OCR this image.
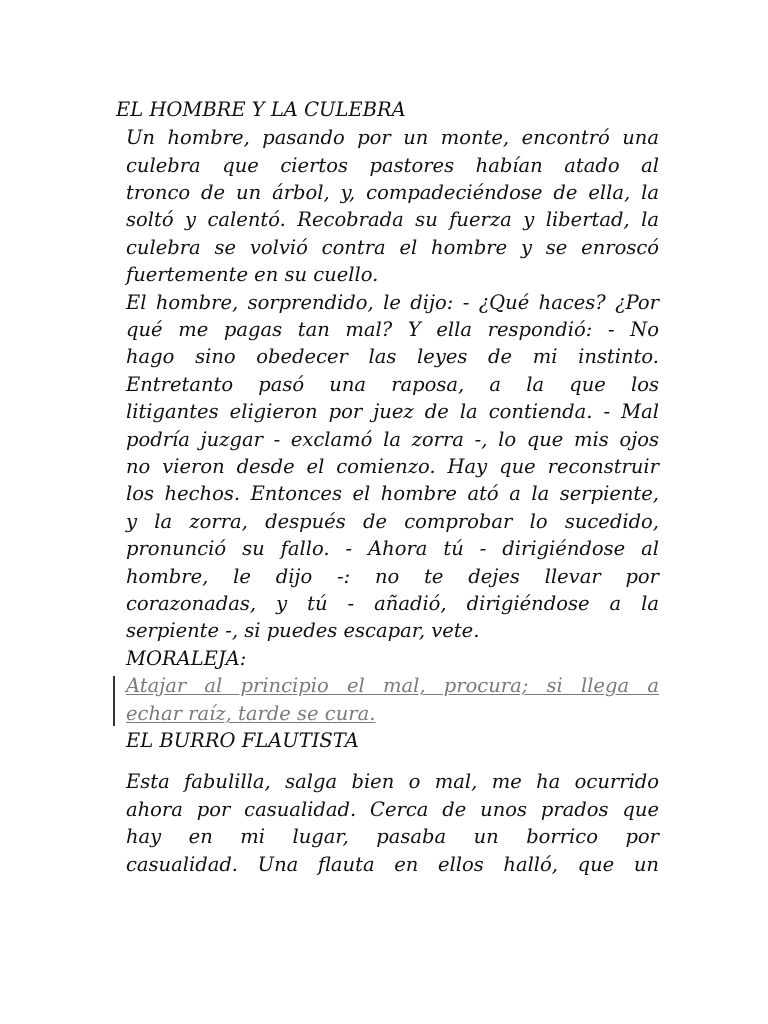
EL HOMBRE Y LA CULEBRA
Un hombre, pasando por un monte, encontró una
culebra que ciertos pastores habían atado al
tronco de un árbol, y, compadeciéndose de ella, la
soltó y calentó. Recobrada su fuerza y libertad, la
culebra se volvió contra el hombre y se enroscó
fuertemente en su cuello.
El hombre, sorprendido, le dijo: - ¿Qué haces? ¿Por
qué me pagas tan mal? Y ella respondió: - No
hago sino obedecer las leyes de mi instinto.
Entretanto pasó una raposa, a la que los
litigantes eligieron por juez de la contienda. - Mal
podría juzgar - exclamó la zorra -, lo que mis ojos
no vieron desde el comienzo. Hay que reconstruir
los hechos. Entonces el hombre ató a la serpiente,
y la zorra, después de comprobar lo sucedido,
pronunció su fallo. - Ahora tú - dirigiéndose al
hombre, le dijo -: no te dejes llevar por
corazonadas, y tú - añadió, dirigiéndose a la
serpiente -, si puedes escapar, vete.
MORALEJA:
Atajar al principio el mal, procura; si llega a
echar raíz, tarde se cura.
EL BURRO FLAUTISTA
Esta fabulilla, salga bien o mal, me ha ocurrido
ahora por casualidad. Cerca de unos prados que
hay en mi lugar, pasaba un borrico por
casualidad. Una flauta en ellos halló, que un
